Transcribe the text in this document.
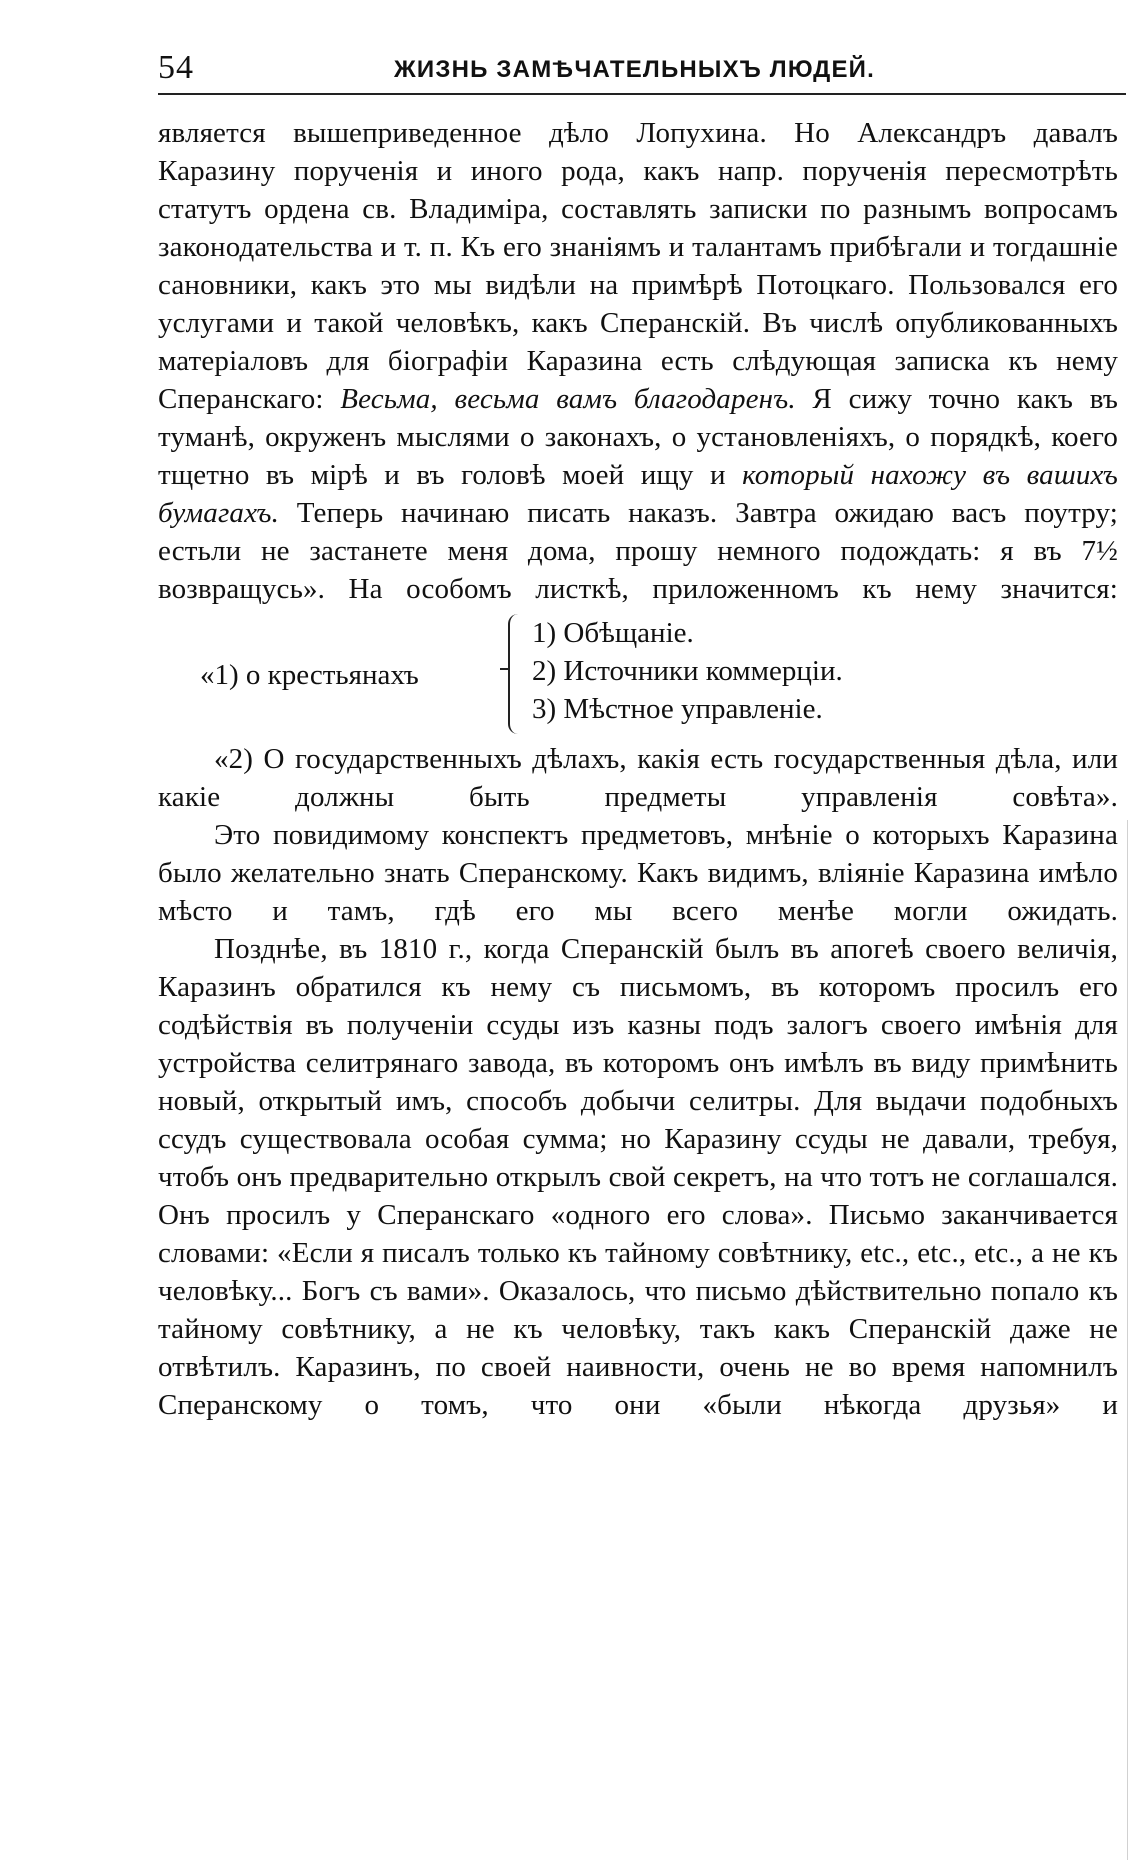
54	ЖИЗНЬ ЗАМѢЧАТЕЛЬНЫХЪ ЛЮДЕЙ.

является вышеприведенное дѣло Лопухина. Но Александръ давалъ Каразину порученія и иного рода, какъ напр. порученія пересмотрѣть статутъ ордена св. Владиміра, составлять записки по разнымъ вопросамъ законодательства и т. п. Къ его знаніямъ и талантамъ прибѣгали и тогдашніе сановники, какъ это мы видѣли на примѣрѣ Потоцкаго. Пользовался его услугами и такой человѣкъ, какъ Сперанскій. Въ числѣ опубликованныхъ матеріаловъ для біографіи Каразина есть слѣдующая записка къ нему Сперанскаго: Весьма, весьма вамъ благодаренъ. Я сижу точно какъ въ туманѣ, окруженъ мыслями о законахъ, о установленіяхъ, о порядкѣ, коего тщетно въ мірѣ и въ головѣ моей ищу и который нахожу въ вашихъ бумагахъ. Теперь начинаю писать наказъ. Завтра ожидаю васъ поутру; естьли не застанете меня дома, прошу немного подождать: я въ 7½ возвращусь». На особомъ листкѣ, приложенномъ къ нему значится:

«1) о крестьянахъ
1) Обѣщаніе.
2) Источники коммерціи.
3) Мѣстное управленіе.

«2) О государственныхъ дѣлахъ, какія есть государственныя дѣла, или какіе должны быть предметы управленія совѣта».

Это повидимому конспектъ предметовъ, мнѣніе о которыхъ Каразина было желательно знать Сперанскому. Какъ видимъ, вліяніе Каразина имѣло мѣсто и тамъ, гдѣ его мы всего менѣе могли ожидать.

Позднѣе, въ 1810 г., когда Сперанскій былъ въ апогеѣ своего величія, Каразинъ обратился къ нему съ письмомъ, въ которомъ просилъ его содѣйствія въ полученіи ссуды изъ казны подъ залогъ своего имѣнія для устройства селитрянаго завода, въ которомъ онъ имѣлъ въ виду примѣнить новый, открытый имъ, способъ добычи селитры. Для выдачи подобныхъ ссудъ существовала особая сумма; но Каразину ссуды не давали, требуя, чтобъ онъ предварительно открылъ свой секретъ, на что тотъ не соглашался. Онъ просилъ у Сперанскаго «одного его слова». Письмо заканчивается словами: «Если я писалъ только къ тайному совѣтнику, etc., etc., etc., а не къ человѣку... Богъ съ вами». Оказалось, что письмо дѣйствительно попало къ тайному совѣтнику, а не къ человѣку, такъ какъ Сперанскій даже не отвѣтилъ. Каразинъ, по своей наивности, очень не во время напомнилъ Сперанскому о томъ, что они «были нѣкогда друзья» и
